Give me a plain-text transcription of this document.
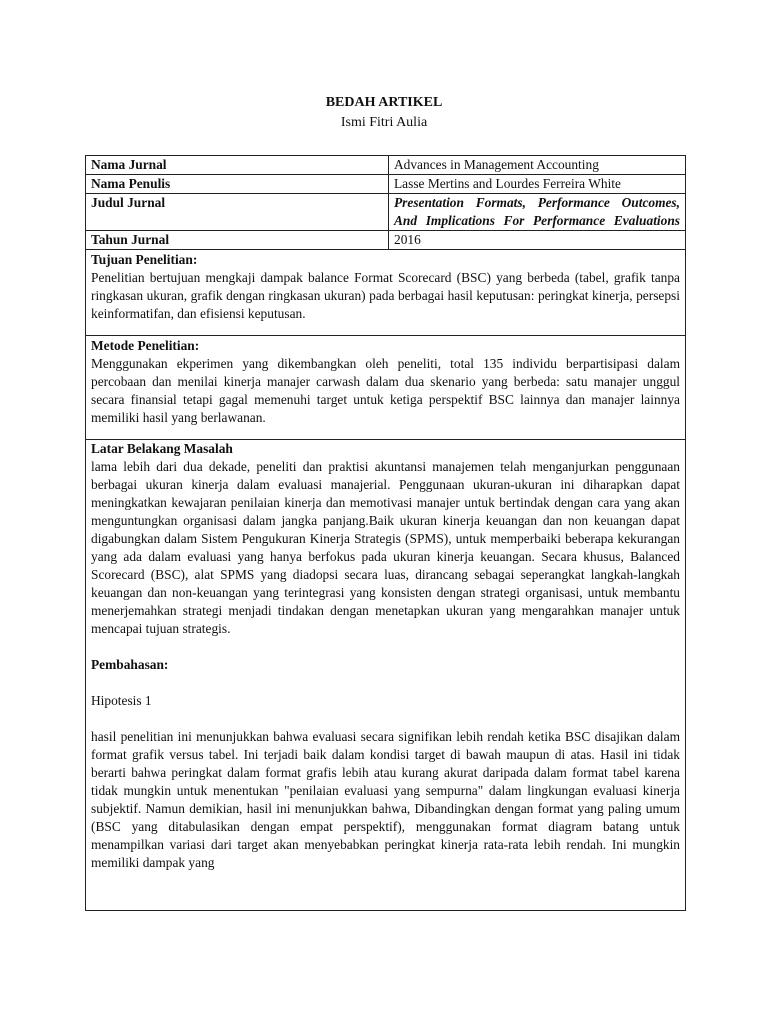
BEDAH ARTIKEL
Ismi Fitri Aulia
Nama Jurnal	Advances in Management Accounting
Nama Penulis	Lasse Mertins and Lourdes Ferreira White
Judul Jurnal	Presentation Formats, Performance Outcomes, And Implications For Performance Evaluations
Tahun Jurnal	2016

Tujuan Penelitian:

Penelitian bertujuan mengkaji dampak balance Format Scorecard (BSC) yang berbeda (tabel, grafik tanpa ringkasan ukuran, grafik dengan ringkasan ukuran) pada berbagai hasil keputusan: peringkat kinerja, persepsi keinformatifan, dan efisiensi keputusan.	

Metode Penelitian:

Menggunakan ekperimen yang dikembangkan oleh peneliti, total 135 individu berpartisipasi dalam percobaan dan menilai kinerja manajer carwash dalam dua skenario yang berbeda: satu manajer unggul secara finansial tetapi gagal memenuhi target untuk ketiga perspektif BSC lainnya dan manajer lainnya memiliki hasil yang berlawanan.	

Latar Belakang Masalah

lama lebih dari dua dekade, peneliti dan praktisi akuntansi manajemen telah menganjurkan penggunaan berbagai ukuran kinerja dalam evaluasi manajerial. Penggunaan ukuran-ukuran ini diharapkan dapat meningkatkan kewajaran penilaian kinerja dan memotivasi manajer untuk bertindak dengan cara yang akan menguntungkan organisasi dalam jangka panjang.Baik ukuran kinerja keuangan dan non keuangan dapat digabungkan dalam Sistem Pengukuran Kinerja Strategis (SPMS), untuk memperbaiki beberapa kekurangan yang ada dalam evaluasi yang hanya berfokus pada ukuran kinerja keuangan. Secara khusus, Balanced Scorecard (BSC), alat SPMS yang diadopsi secara luas, dirancang sebagai seperangkat langkah-langkah keuangan dan non-keuangan yang terintegrasi yang konsisten dengan strategi organisasi, untuk membantu menerjemahkan strategi menjadi tindakan dengan menetapkan ukuran yang mengarahkan manajer untuk mencapai tujuan strategis.

Pembahasan:
Hipotesis 1

hasil penelitian ini menunjukkan bahwa evaluasi secara signifikan lebih rendah ketika BSC disajikan dalam format grafik versus tabel. Ini terjadi baik dalam kondisi target di bawah maupun di atas. Hasil ini tidak berarti bahwa peringkat dalam format grafis lebih atau kurang akurat daripada dalam format tabel karena tidak mungkin untuk menentukan "penilaian evaluasi yang sempurna" dalam lingkungan evaluasi kinerja subjektif. Namun demikian, hasil ini menunjukkan bahwa, Dibandingkan dengan format yang paling umum (BSC yang ditabulasikan dengan empat perspektif), menggunakan format diagram batang untuk menampilkan variasi dari target akan menyebabkan peringkat kinerja rata-rata lebih rendah. Ini mungkin memiliki dampak yang	
